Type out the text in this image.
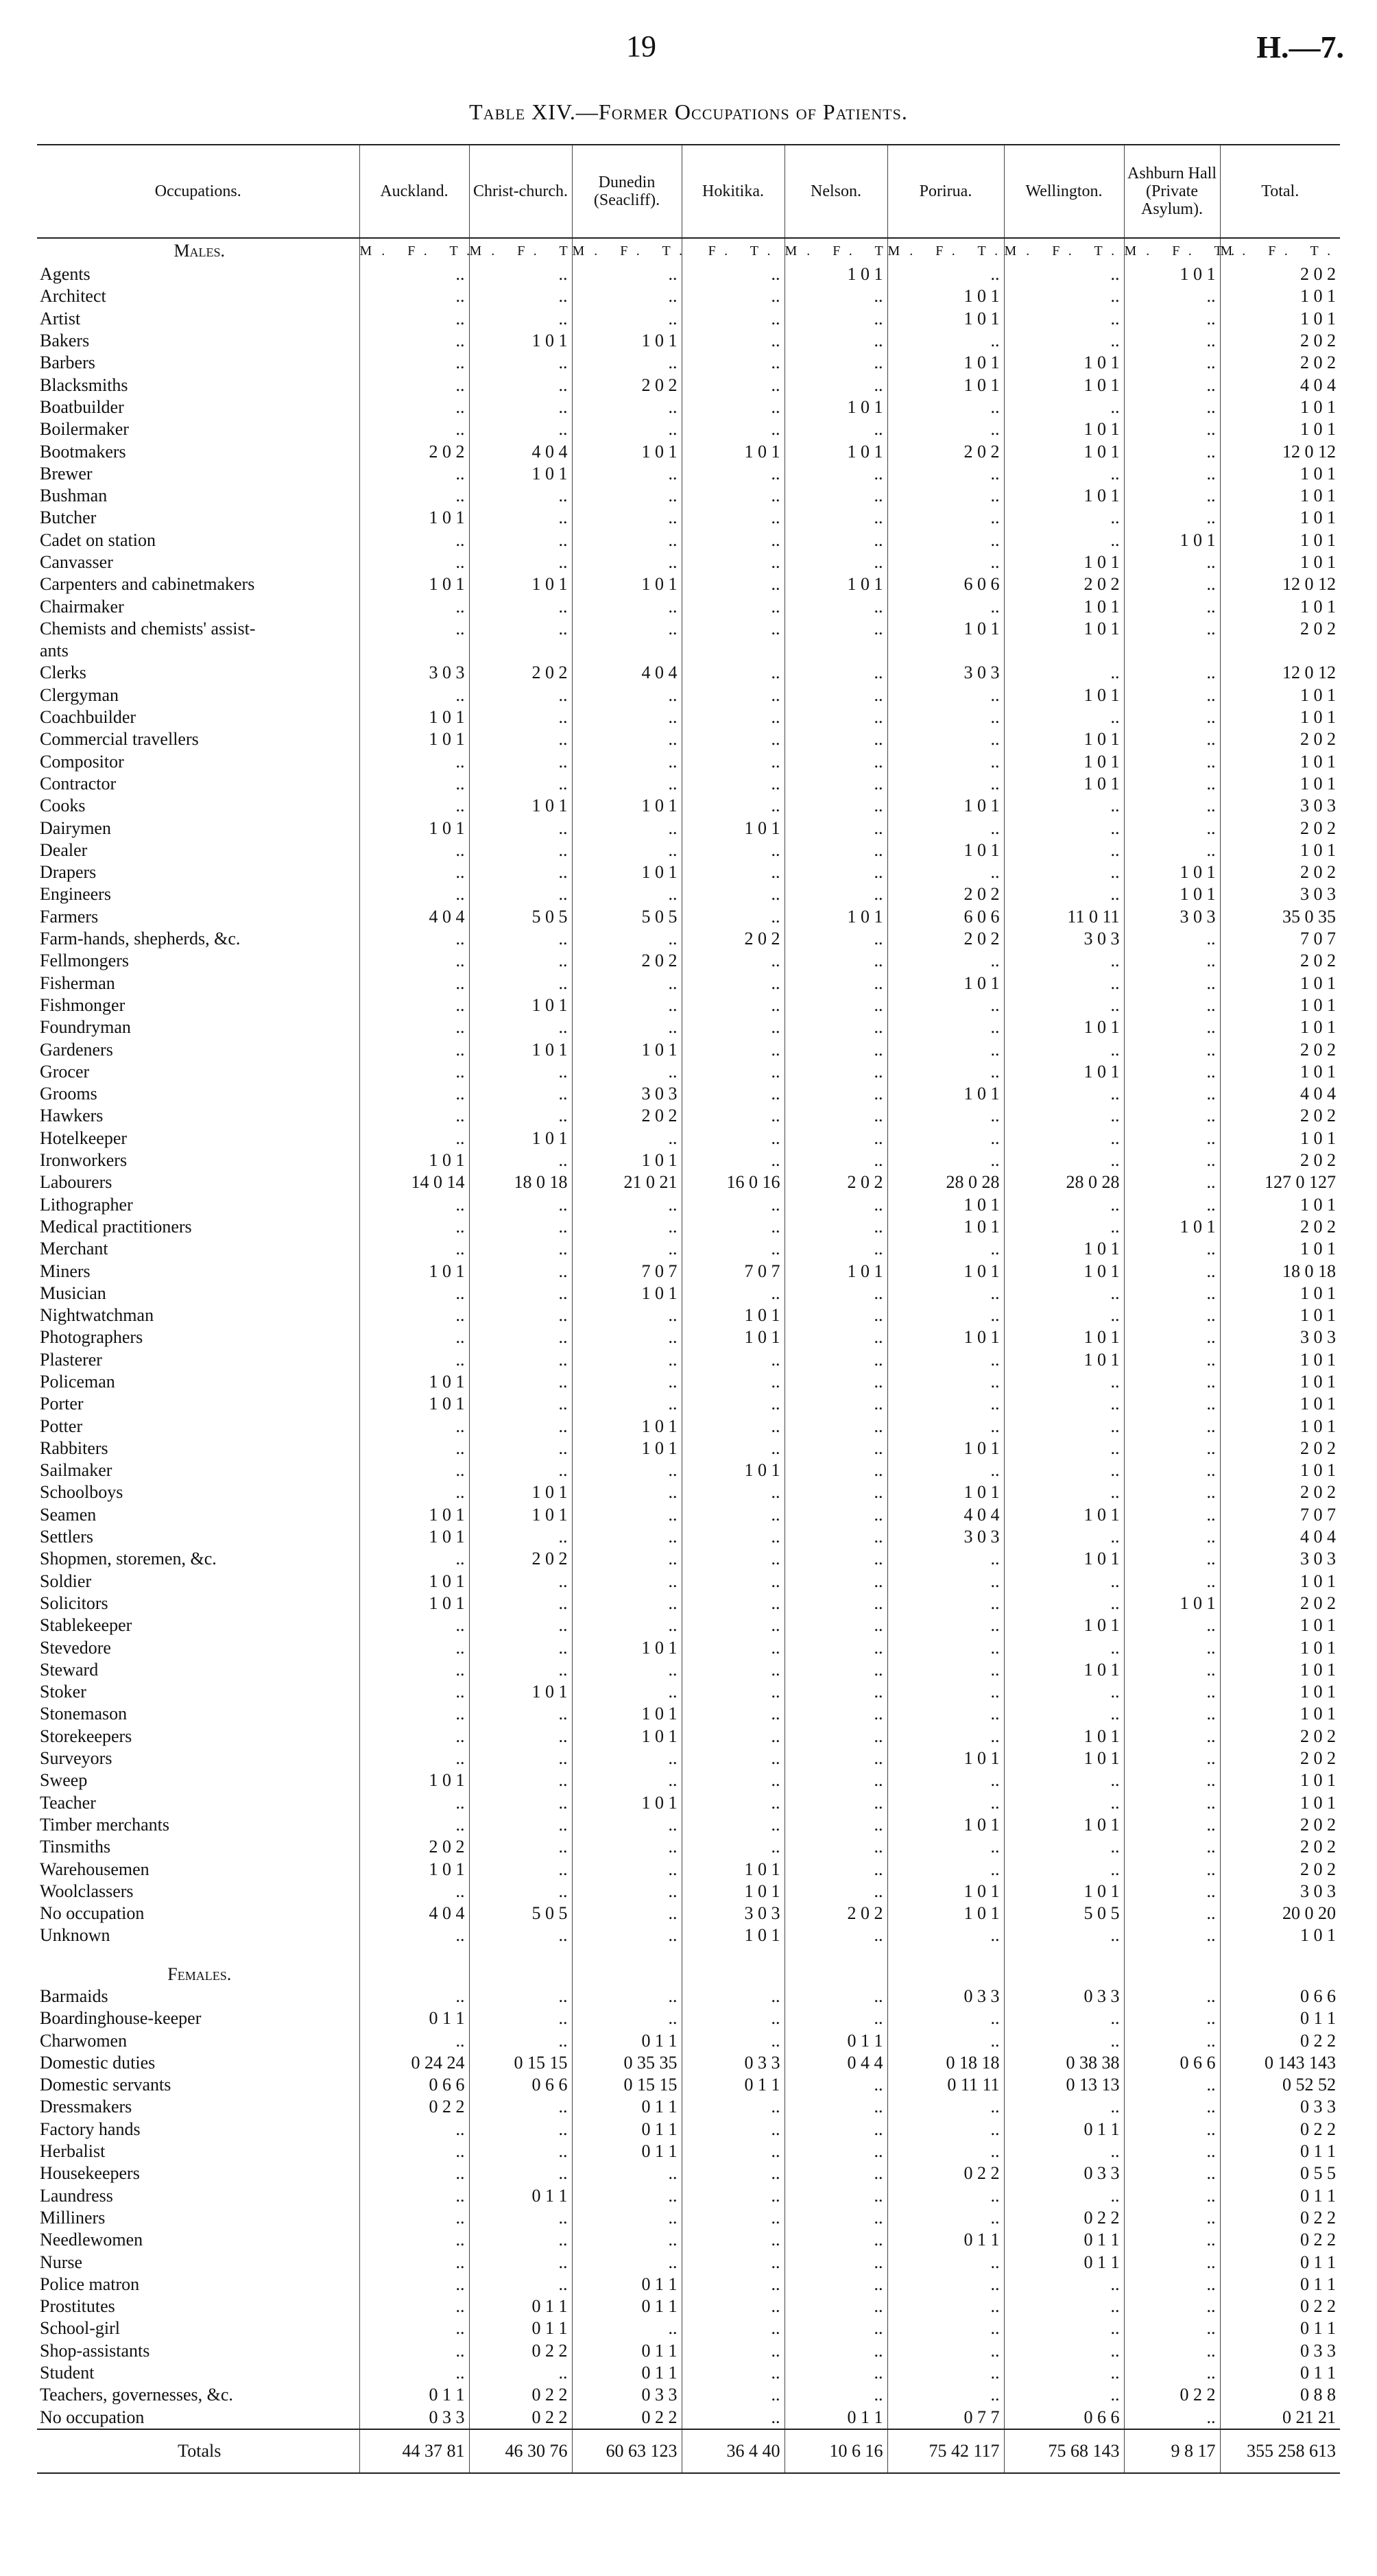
19	H.—7.
Table XIV.—Former Occupations of Patients.
Occupations.	Auckland.	Christ-church.	Dunedin (Seacliff).	Hokitika.	Nelson.	Porirua.	Wellington.	Ashburn Hall (Private Asylum).	Total.
Males.	M. F. T.	M. F. T.	M. F. T.	F. T.	M. F. T.	M. F. T.	M. F. T.	M. F. T.	M. F. T.
Agents	..	..	..	..	1 0 1	..	..	1 0 1	2 0 2
Architect	..	..	..	..	..	1 0 1	..	..	1 0 1
Artist	..	..	..	..	..	1 0 1	..	..	1 0 1
Bakers	..	1 0 1	1 0 1	..	..	..	..	..	2 0 2
Barbers	..	..	..	..	..	1 0 1	1 0 1	..	2 0 2
Blacksmiths	..	..	2 0 2	..	..	1 0 1	1 0 1	..	4 0 4
Boatbuilder	..	..	..	..	1 0 1	..	..	..	1 0 1
Boilermaker	..	..	..	..	..	..	1 0 1	..	1 0 1
Bootmakers	2 0 2	4 0 4	1 0 1	1 0 1	1 0 1	2 0 2	1 0 1	..	12 0 12
Brewer	..	1 0 1	..	..	..	..	..	..	1 0 1
Bushman	..	..	..	..	..	..	1 0 1	..	1 0 1
Butcher	1 0 1	..	..	..	..	..	..	..	1 0 1
Cadet on station	..	..	..	..	..	..	..	1 0 1	1 0 1
Canvasser	..	..	..	..	..	..	1 0 1	..	1 0 1
Carpenters and cabinetmakers	1 0 1	1 0 1	1 0 1	..	1 0 1	6 0 6	2 0 2	..	12 0 12
Chairmaker	..	..	..	..	..	..	1 0 1	..	1 0 1
Chemists and chemists' assist-	..	..	..	..	..	1 0 1	1 0 1	..	2 0 2
ants									
Clerks	3 0 3	2 0 2	4 0 4	..	..	3 0 3	..	..	12 0 12
Clergyman	..	..	..	..	..	..	1 0 1	..	1 0 1
Coachbuilder	1 0 1	..	..	..	..	..	..	..	1 0 1
Commercial travellers	1 0 1	..	..	..	..	..	1 0 1	..	2 0 2
Compositor	..	..	..	..	..	..	1 0 1	..	1 0 1
Contractor	..	..	..	..	..	..	1 0 1	..	1 0 1
Cooks	..	1 0 1	1 0 1	..	..	1 0 1	..	..	3 0 3
Dairymen	1 0 1	..	..	1 0 1	..	..	..	..	2 0 2
Dealer	..	..	..	..	..	1 0 1	..	..	1 0 1
Drapers	..	..	1 0 1	..	..	..	..	1 0 1	2 0 2
Engineers	..	..	..	..	..	2 0 2	..	1 0 1	3 0 3
Farmers	4 0 4	5 0 5	5 0 5	..	1 0 1	6 0 6	11 0 11	3 0 3	35 0 35
Farm-hands, shepherds, &c.	..	..	..	2 0 2	..	2 0 2	3 0 3	..	7 0 7
Fellmongers	..	..	2 0 2	..	..	..	..	..	2 0 2
Fisherman	..	..	..	..	..	1 0 1	..	..	1 0 1
Fishmonger	..	1 0 1	..	..	..	..	..	..	1 0 1
Foundryman	..	..	..	..	..	..	1 0 1	..	1 0 1
Gardeners	..	1 0 1	1 0 1	..	..	..	..	..	2 0 2
Grocer	..	..	..	..	..	..	1 0 1	..	1 0 1
Grooms	..	..	3 0 3	..	..	1 0 1	..	..	4 0 4
Hawkers	..	..	2 0 2	..	..	..	..	..	2 0 2
Hotelkeeper	..	1 0 1	..	..	..	..	..	..	1 0 1
Ironworkers	1 0 1	..	1 0 1	..	..	..	..	..	2 0 2
Labourers	14 0 14	18 0 18	21 0 21	16 0 16	2 0 2	28 0 28	28 0 28	..	127 0 127
Lithographer	..	..	..	..	..	1 0 1	..	..	1 0 1
Medical practitioners	..	..	..	..	..	1 0 1	..	1 0 1	2 0 2
Merchant	..	..	..	..	..	..	1 0 1	..	1 0 1
Miners	1 0 1	..	7 0 7	7 0 7	1 0 1	1 0 1	1 0 1	..	18 0 18
Musician	..	..	1 0 1	..	..	..	..	..	1 0 1
Nightwatchman	..	..	..	1 0 1	..	..	..	..	1 0 1
Photographers	..	..	..	1 0 1	..	1 0 1	1 0 1	..	3 0 3
Plasterer	..	..	..	..	..	..	1 0 1	..	1 0 1
Policeman	1 0 1	..	..	..	..	..	..	..	1 0 1
Porter	1 0 1	..	..	..	..	..	..	..	1 0 1
Potter	..	..	1 0 1	..	..	..	..	..	1 0 1
Rabbiters	..	..	1 0 1	..	..	1 0 1	..	..	2 0 2
Sailmaker	..	..	..	1 0 1	..	..	..	..	1 0 1
Schoolboys	..	1 0 1	..	..	..	1 0 1	..	..	2 0 2
Seamen	1 0 1	1 0 1	..	..	..	4 0 4	1 0 1	..	7 0 7
Settlers	1 0 1	..	..	..	..	3 0 3	..	..	4 0 4
Shopmen, storemen, &c.	..	2 0 2	..	..	..	..	1 0 1	..	3 0 3
Soldier	1 0 1	..	..	..	..	..	..	..	1 0 1
Solicitors	1 0 1	..	..	..	..	..	..	1 0 1	2 0 2
Stablekeeper	..	..	..	..	..	..	1 0 1	..	1 0 1
Stevedore	..	..	1 0 1	..	..	..	..	..	1 0 1
Steward	..	..	..	..	..	..	1 0 1	..	1 0 1
Stoker	..	1 0 1	..	..	..	..	..	..	1 0 1
Stonemason	..	..	1 0 1	..	..	..	..	..	1 0 1
Storekeepers	..	..	1 0 1	..	..	..	1 0 1	..	2 0 2
Surveyors	..	..	..	..	..	1 0 1	1 0 1	..	2 0 2
Sweep	1 0 1	..	..	..	..	..	..	..	1 0 1
Teacher	..	..	1 0 1	..	..	..	..	..	1 0 1
Timber merchants	..	..	..	..	..	1 0 1	1 0 1	..	2 0 2
Tinsmiths	2 0 2	..	..	..	..	..	..	..	2 0 2
Warehousemen	1 0 1	..	..	1 0 1	..	..	..	..	2 0 2
Woolclassers	..	..	..	1 0 1	..	1 0 1	1 0 1	..	3 0 3
No occupation	4 0 4	5 0 5	..	3 0 3	2 0 2	1 0 1	5 0 5	..	20 0 20
Unknown	..	..	..	1 0 1	..	..	..	..	1 0 1

Females.									
Barmaids	..	..	..	..	..	0 3 3	0 3 3	..	0 6 6
Boardinghouse-keeper	0 1 1	..	..	..	..	..	..	..	0 1 1
Charwomen	..	..	0 1 1	..	0 1 1	..	..	..	0 2 2
Domestic duties	0 24 24	0 15 15	0 35 35	0 3 3	0 4 4	0 18 18	0 38 38	0 6 6	0 143 143
Domestic servants	0 6 6	0 6 6	0 15 15	0 1 1	..	0 11 11	0 13 13	..	0 52 52
Dressmakers	0 2 2	..	0 1 1	..	..	..	..	..	0 3 3
Factory hands	..	..	0 1 1	..	..	..	0 1 1	..	0 2 2
Herbalist	..	..	0 1 1	..	..	..	..	..	0 1 1
Housekeepers	..	..	..	..	..	0 2 2	0 3 3	..	0 5 5
Laundress	..	0 1 1	..	..	..	..	..	..	0 1 1
Milliners	..	..	..	..	..	..	0 2 2	..	0 2 2
Needlewomen	..	..	..	..	..	0 1 1	0 1 1	..	0 2 2
Nurse	..	..	..	..	..	..	0 1 1	..	0 1 1
Police matron	..	..	0 1 1	..	..	..	..	..	0 1 1
Prostitutes	..	0 1 1	0 1 1	..	..	..	..	..	0 2 2
School-girl	..	0 1 1	..	..	..	..	..	..	0 1 1
Shop-assistants	..	0 2 2	0 1 1	..	..	..	..	..	0 3 3
Student	..	..	0 1 1	..	..	..	..	..	0 1 1
Teachers, governesses, &c.	0 1 1	0 2 2	0 3 3	..	..	..	..	0 2 2	0 8 8
No occupation	0 3 3	0 2 2	0 2 2	..	0 1 1	0 7 7	0 6 6	..	0 21 21
Totals	44 37 81	46 30 76	60 63 123	36 4 40	10 6 16	75 42 117	75 68 143	9 8 17	355 258 613
